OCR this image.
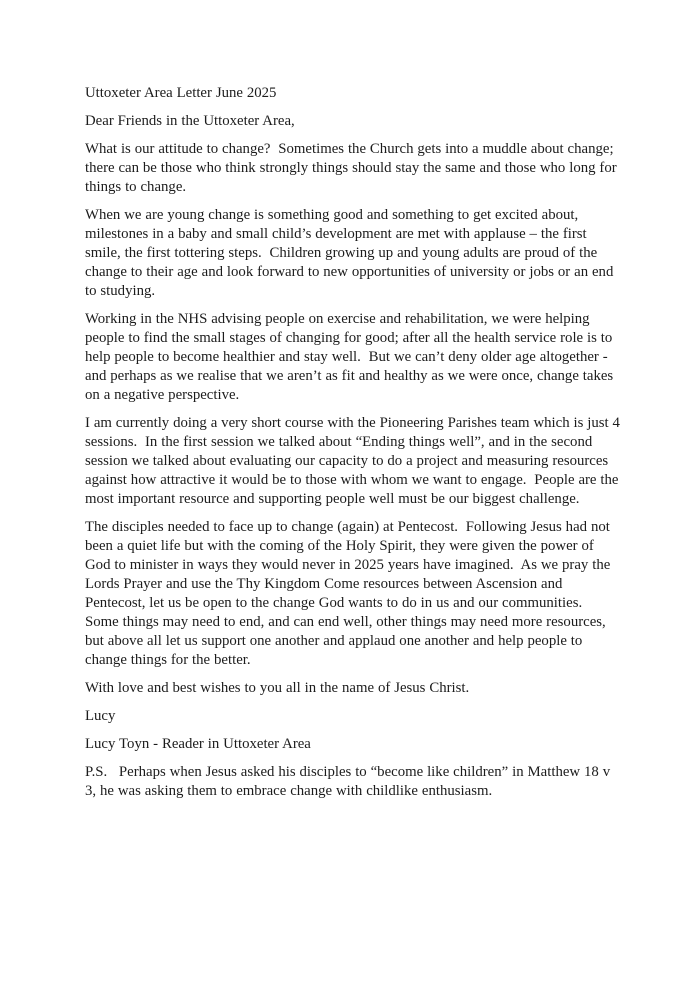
Uttoxeter Area Letter June 2025

Dear Friends in the Uttoxeter Area,

What is our attitude to change?  Sometimes the Church gets into a muddle about change; there can be those who think strongly things should stay the same and those who long for things to change.

When we are young change is something good and something to get excited about, milestones in a baby and small child’s development are met with applause – the first smile, the first tottering steps.  Children growing up and young adults are proud of the change to their age and look forward to new opportunities of university or jobs or an end to studying.

Working in the NHS advising people on exercise and rehabilitation, we were helping people to find the small stages of changing for good; after all the health service role is to help people to become healthier and stay well.  But we can’t deny older age altogether -and perhaps as we realise that we aren’t as fit and healthy as we were once, change takes on a negative perspective.

I am currently doing a very short course with the Pioneering Parishes team which is just 4 sessions.  In the first session we talked about “Ending things well”, and in the second session we talked about evaluating our capacity to do a project and measuring resources against how attractive it would be to those with whom we want to engage.  People are the most important resource and supporting people well must be our biggest challenge.

The disciples needed to face up to change (again) at Pentecost.  Following Jesus had not been a quiet life but with the coming of the Holy Spirit, they were given the power of God to minister in ways they would never in 2025 years have imagined.  As we pray the Lords Prayer and use the Thy Kingdom Come resources between Ascension and Pentecost, let us be open to the change God wants to do in us and our communities.  Some things may need to end, and can end well, other things may need more resources, but above all let us support one another and applaud one another and help people to change things for the better.

With love and best wishes to you all in the name of Jesus Christ.

Lucy

Lucy Toyn - Reader in Uttoxeter Area

P.S.   Perhaps when Jesus asked his disciples to “become like children” in Matthew 18 v 3, he was asking them to embrace change with childlike enthusiasm.
